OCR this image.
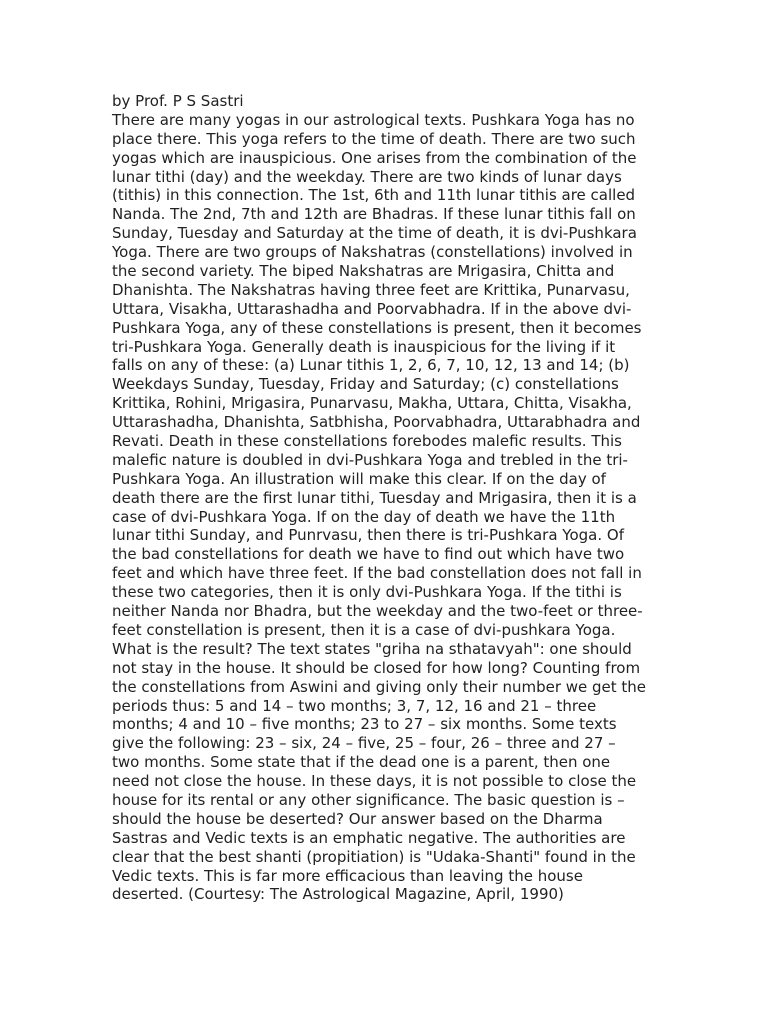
by Prof. P S Sastri
There are many yogas in our astrological texts. Pushkara Yoga has no
place there. This yoga refers to the time of death. There are two such
yogas which are inauspicious. One arises from the combination of the
lunar tithi (day) and the weekday. There are two kinds of lunar days
(tithis) in this connection. The 1st, 6th and 11th lunar tithis are called
Nanda. The 2nd, 7th and 12th are Bhadras. If these lunar tithis fall on
Sunday, Tuesday and Saturday at the time of death, it is dvi-Pushkara
Yoga. There are two groups of Nakshatras (constellations) involved in
the second variety. The biped Nakshatras are Mrigasira, Chitta and
Dhanishta. The Nakshatras having three feet are Krittika, Punarvasu,
Uttara, Visakha, Uttarashadha and Poorvabhadra. If in the above dvi-
Pushkara Yoga, any of these constellations is present, then it becomes
tri-Pushkara Yoga. Generally death is inauspicious for the living if it
falls on any of these: (a) Lunar tithis 1, 2, 6, 7, 10, 12, 13 and 14; (b)
Weekdays Sunday, Tuesday, Friday and Saturday; (c) constellations
Krittika, Rohini, Mrigasira, Punarvasu, Makha, Uttara, Chitta, Visakha,
Uttarashadha, Dhanishta, Satbhisha, Poorvabhadra, Uttarabhadra and
Revati. Death in these constellations forebodes malefic results. This
malefic nature is doubled in dvi-Pushkara Yoga and trebled in the tri-
Pushkara Yoga. An illustration will make this clear. If on the day of
death there are the first lunar tithi, Tuesday and Mrigasira, then it is a
case of dvi-Pushkara Yoga. If on the day of death we have the 11th
lunar tithi Sunday, and Punrvasu, then there is tri-Pushkara Yoga. Of
the bad constellations for death we have to find out which have two
feet and which have three feet. If the bad constellation does not fall in
these two categories, then it is only dvi-Pushkara Yoga. If the tithi is
neither Nanda nor Bhadra, but the weekday and the two-feet or three-
feet constellation is present, then it is a case of dvi-pushkara Yoga.
What is the result? The text states "griha na sthatavyah": one should
not stay in the house. It should be closed for how long? Counting from
the constellations from Aswini and giving only their number we get the
periods thus: 5 and 14 – two months; 3, 7, 12, 16 and 21 – three
months; 4 and 10 – five months; 23 to 27 – six months. Some texts
give the following: 23 – six, 24 – five, 25 – four, 26 – three and 27 –
two months. Some state that if the dead one is a parent, then one
need not close the house. In these days, it is not possible to close the
house for its rental or any other significance. The basic question is –
should the house be deserted? Our answer based on the Dharma
Sastras and Vedic texts is an emphatic negative. The authorities are
clear that the best shanti (propitiation) is "Udaka-Shanti" found in the
Vedic texts. This is far more efficacious than leaving the house
deserted. (Courtesy: The Astrological Magazine, April, 1990)
